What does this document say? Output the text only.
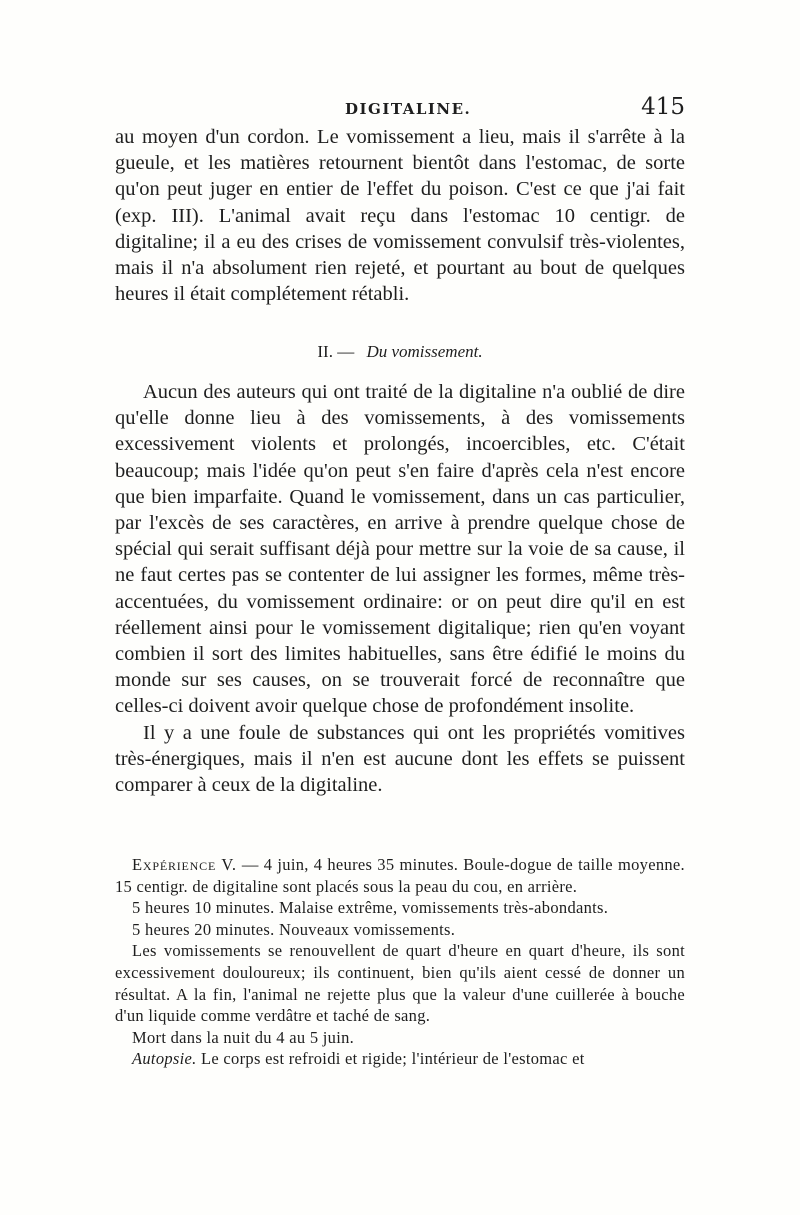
DIGITALINE.	415

au moyen d'un cordon. Le vomissement a lieu, mais il s'arrête à la gueule, et les matières retournent bientôt dans l'estomac, de sorte qu'on peut juger en entier de l'effet du poison. C'est ce que j'ai fait (exp. III). L'animal avait reçu dans l'estomac 10 centigr. de digitaline; il a eu des crises de vomissement convulsif très-violentes, mais il n'a absolument rien rejeté, et pourtant au bout de quelques heures il était complétement rétabli.

II. — Du vomissement.

Aucun des auteurs qui ont traité de la digitaline n'a oublié de dire qu'elle donne lieu à des vomissements, à des vomissements excessivement violents et prolongés, incoercibles, etc. C'était beaucoup; mais l'idée qu'on peut s'en faire d'après cela n'est encore que bien imparfaite. Quand le vomissement, dans un cas particulier, par l'excès de ses caractères, en arrive à prendre quelque chose de spécial qui serait suffisant déjà pour mettre sur la voie de sa cause, il ne faut certes pas se contenter de lui assigner les formes, même très-accentuées, du vomissement ordinaire: or on peut dire qu'il en est réellement ainsi pour le vomissement digitalique; rien qu'en voyant combien il sort des limites habituelles, sans être édifié le moins du monde sur ses causes, on se trouverait forcé de reconnaître que celles-ci doivent avoir quelque chose de profondément insolite.

Il y a une foule de substances qui ont les propriétés vomitives très-énergiques, mais il n'en est aucune dont les effets se puissent comparer à ceux de la digitaline.

Expérience V. — 4 juin, 4 heures 35 minutes. Boule-dogue de taille moyenne. 15 centigr. de digitaline sont placés sous la peau du cou, en arrière.

5 heures 10 minutes. Malaise extrême, vomissements très-abondants.

5 heures 20 minutes. Nouveaux vomissements.

Les vomissements se renouvellent de quart d'heure en quart d'heure, ils sont excessivement douloureux; ils continuent, bien qu'ils aient cessé de donner un résultat. A la fin, l'animal ne rejette plus que la valeur d'une cuillerée à bouche d'un liquide comme verdâtre et taché de sang.

Mort dans la nuit du 4 au 5 juin.

Autopsie. Le corps est refroidi et rigide; l'intérieur de l'estomac et
